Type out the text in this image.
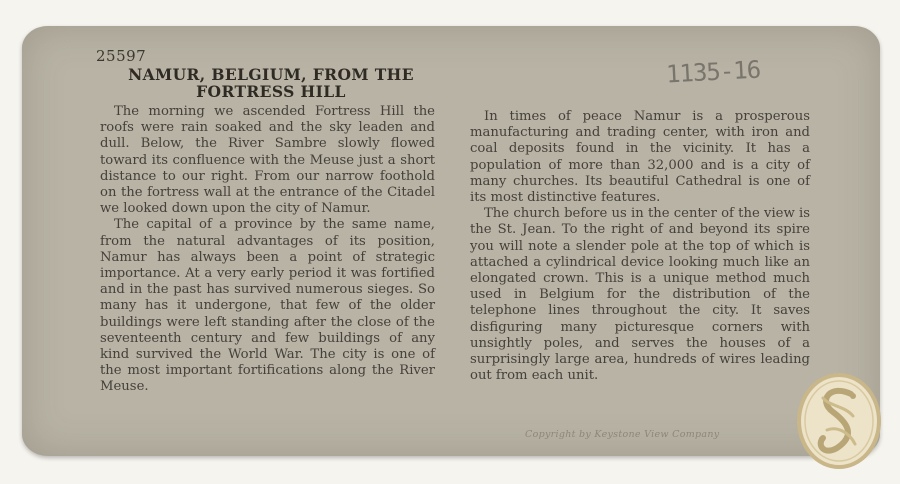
25597
NAMUR, BELGIUM, FROM THE
FORTRESS HILL
1135-16

The morning we ascended Fortress Hill the roofs were rain soaked and the sky leaden and dull. Below, the River Sambre slowly flowed toward its confluence with the Meuse just a short distance to our right. From our narrow foothold on the fortress wall at the entrance of the Citadel we looked down upon the city of Namur.

The capital of a province by the same name, from the natural advantages of its position, Namur has always been a point of strategic importance. At a very early period it was fortified and in the past has survived numerous sieges. So many has it undergone, that few of the older buildings were left standing after the close of the seventeenth century and few buildings of any kind survived the World War. The city is one of the most important fortifications along the River Meuse.

In times of peace Namur is a prosperous manufacturing and trading center, with iron and coal deposits found in the vicinity. It has a population of more than 32,000 and is a city of many churches. Its beautiful Cathedral is one of its most distinctive features.

The church before us in the center of the view is the St. Jean. To the right of and beyond its spire you will note a slender pole at the top of which is attached a cylindrical device looking much like an elongated crown. This is a unique method much used in Belgium for the distribution of the telephone lines throughout the city. It saves disfiguring many picturesque corners with unsightly poles, and serves the houses of a surprisingly large area, hundreds of wires leading out from each unit.

Copyright by Keystone View Company
